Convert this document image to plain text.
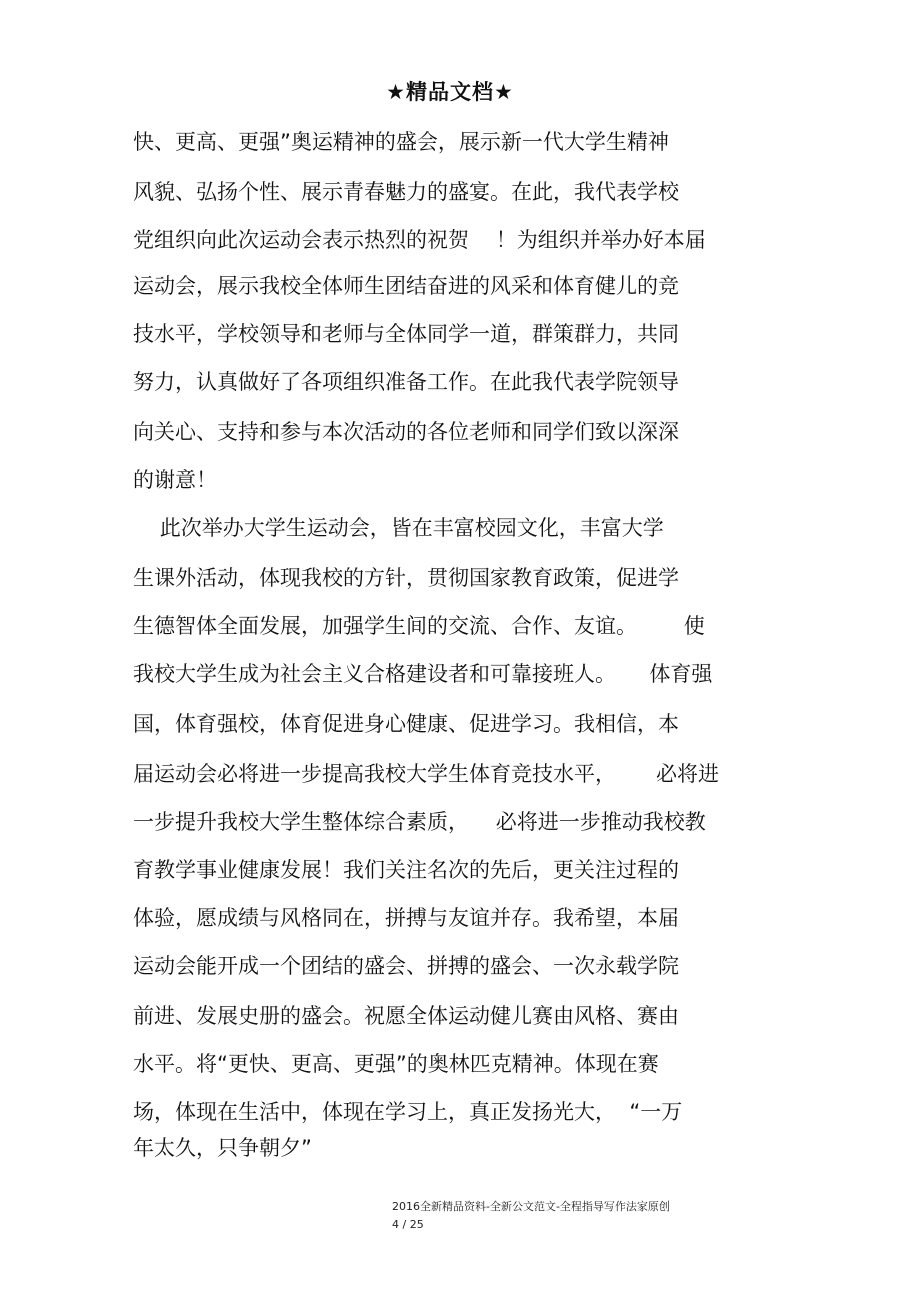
★精品文档★
快、更高、更强”奥运精神的盛会，展示新一代大学生精神
风貌、弘扬个性、展示青春魅力的盛宴。在此，我代表学校
党组织向此次运动会表示热烈的祝贺    ！为组织并举办好本届
运动会，展示我校全体师生团结奋进的风采和体育健儿的竞
技水平，学校领导和老师与全体同学一道，群策群力，共同
努力，认真做好了各项组织准备工作。在此我代表学院领导
向关心、支持和参与本次活动的各位老师和同学们致以深深
的谢意！
此次举办大学生运动会，皆在丰富校园文化，丰富大学
生课外活动，体现我校的方针，贯彻国家教育政策，促进学
生德智体全面发展，加强学生间的交流、合作、友谊。       使
我校大学生成为社会主义合格建设者和可靠接班人。     体育强
国，体育强校，体育促进身心健康、促进学习。我相信，本
届运动会必将进一步提高我校大学生体育竞技水平，      必将进
一步提升我校大学生整体综合素质，    必将进一步推动我校教
育教学事业健康发展！我们关注名次的先后，更关注过程的
体验，愿成绩与风格同在，拼搏与友谊并存。我希望，本届
运动会能开成一个团结的盛会、拼搏的盛会、一次永载学院
前进、发展史册的盛会。祝愿全体运动健儿赛由风格、赛由
水平。将“更快、更高、更强”的奥林匹克精神。体现在赛
场，体现在生活中，体现在学习上，真正发扬光大，  “一万
年太久，只争朝夕”
2016全新精品资料-全新公文范文-全程指导写作法家原创
4 / 25
